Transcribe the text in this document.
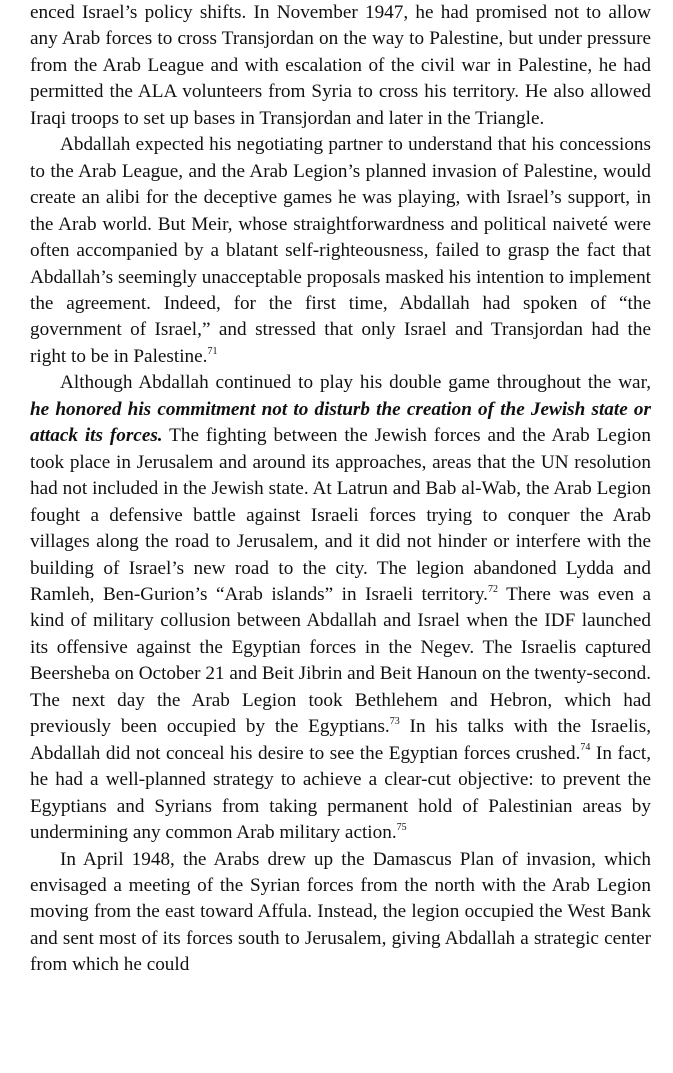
enced Israel’s policy shifts. In November 1947, he had promised not to allow any Arab forces to cross Transjordan on the way to Palestine, but under pressure from the Arab League and with escalation of the civil war in Palestine, he had permitted the ALA volunteers from Syria to cross his territory. He also allowed Iraqi troops to set up bases in Transjordan and later in the Triangle.

Abdallah expected his negotiating partner to understand that his concessions to the Arab League, and the Arab Legion’s planned invasion of Palestine, would create an alibi for the deceptive games he was playing, with Israel’s support, in the Arab world. But Meir, whose straightforwardness and political naiveté were often accompanied by a blatant self-righteousness, failed to grasp the fact that Abdallah’s seemingly unacceptable proposals masked his intention to implement the agreement. Indeed, for the first time, Abdallah had spoken of “the government of Israel,” and stressed that only Israel and Transjordan had the right to be in Palestine.$^{71}$

Although Abdallah continued to play his double game throughout the war, he honored his commitment not to disturb the creation of the Jewish state or attack its forces. The fighting between the Jewish forces and the Arab Legion took place in Jerusalem and around its approaches, areas that the UN resolution had not included in the Jewish state. At Latrun and Bab al-Wab, the Arab Legion fought a defensive battle against Israeli forces trying to conquer the Arab villages along the road to Jerusalem, and it did not hinder or interfere with the building of Israel’s new road to the city. The legion abandoned Lydda and Ramleh, Ben-Gurion’s “Arab islands” in Israeli territory.$^{72}$ There was even a kind of military collusion between Abdallah and Israel when the IDF launched its offensive against the Egyptian forces in the Negev. The Israelis captured Beersheba on October 21 and Beit Jibrin and Beit Hanoun on the twenty-second. The next day the Arab Legion took Bethlehem and Hebron, which had previously been occupied by the Egyptians.$^{73}$ In his talks with the Israelis, Abdallah did not conceal his desire to see the Egyptian forces crushed.$^{74}$ In fact, he had a well-planned strategy to achieve a clear-cut objective: to prevent the Egyptians and Syrians from taking permanent hold of Palestinian areas by undermining any common Arab military action.$^{75}$

In April 1948, the Arabs drew up the Damascus Plan of invasion, which envisaged a meeting of the Syrian forces from the north with the Arab Legion moving from the east toward Affula. Instead, the legion occupied the West Bank and sent most of its forces south to Jerusalem, giving Abdallah a strategic center from which he could
